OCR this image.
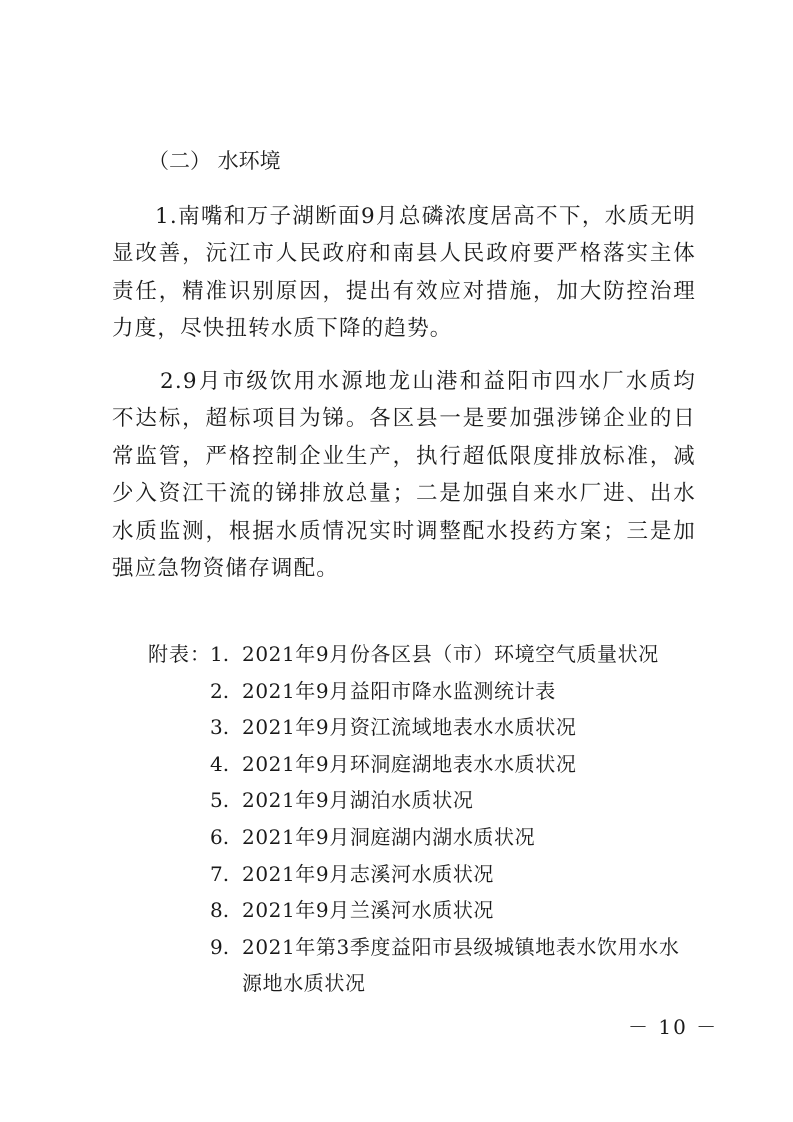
（二） 水环境

1.南嘴和万子湖断面9月总磷浓度居高不下，水质无明显改善，沅江市人民政府和南县人民政府要严格落实主体责任，精准识别原因，提出有效应对措施，加大防控治理力度，尽快扭转水质下降的趋势。

2.9月市级饮用水源地龙山港和益阳市四水厂水质均不达标，超标项目为锑。各区县一是要加强涉锑企业的日常监管，严格控制企业生产，执行超低限度排放标准，减少入资江干流的锑排放总量；二是加强自来水厂进、出水水质监测，根据水质情况实时调整配水投药方案；三是加强应急物资储存调配。

附表： 1. 2021年9月份各区县（市）环境空气质量状况
2. 2021年9月益阳市降水监测统计表
3. 2021年9月资江流域地表水水质状况
4. 2021年9月环洞庭湖地表水水质状况
5. 2021年9月湖泊水质状况
6. 2021年9月洞庭湖内湖水质状况
7. 2021年9月志溪河水质状况
8. 2021年9月兰溪河水质状况
9. 2021年第3季度益阳市县级城镇地表水饮用水水源地水质状况
－ 10 －
